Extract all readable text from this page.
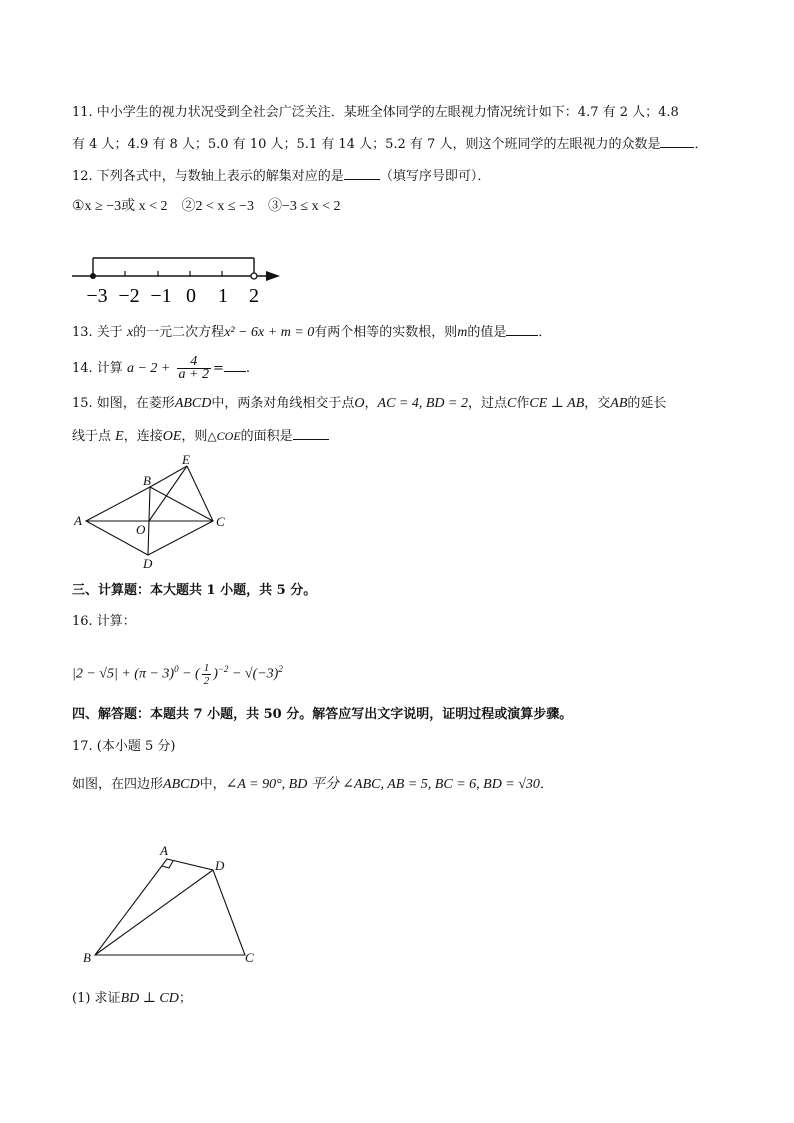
11. 中小学生的视力状况受到全社会广泛关注．某班全体同学的左眼视力情况统计如下：4.7 有 2 人；4.8
有 4 人；4.9 有 8 人；5.0 有 10 人；5.1 有 14 人；5.2 有 7 人，则这个班同学的左眼视力的众数是	．
12. 下列各式中，与数轴上表示的解集对应的是	（填写序号即可）．
①x ≥ −3或 x < 2　②2 < x ≤ −3　③−3 ≤ x < 2
−3 −2 −1 0 1 2
13. 关于 x的一元二次方程x² − 6x + m = 0有两个相等的实数根，则m的值是 ．
14. 计算 $a - 2 + \frac{4}{a + 2}$ = .
15. 如图，在菱形ABCD中，两条对角线相交于点O，AC = 4, BD = 2，过点C作CE ⊥ AB，交AB的延长
线于点 E，连接OE，则△COE的面积是
A
B
C
D
E
O
三、计算题：本大题共 1 小题，共 5 分。
16. 计算：
$|2 - √5| + (\pi - 3)^0$ − ( $\frac{1}{2} )^{-2} - √(-3)^2$
四、解答题：本题共 7 小题，共 50 分。解答应写出文字说明，证明过程或演算步骤。
17. (本小题 5 分)
如图，在四边形ABCD中，∠A = 90°, BD 平分 ∠ABC, AB = 5, BC = 6, BD = √30．
A
B	C
D
(1) 求证BD ⊥ CD；
